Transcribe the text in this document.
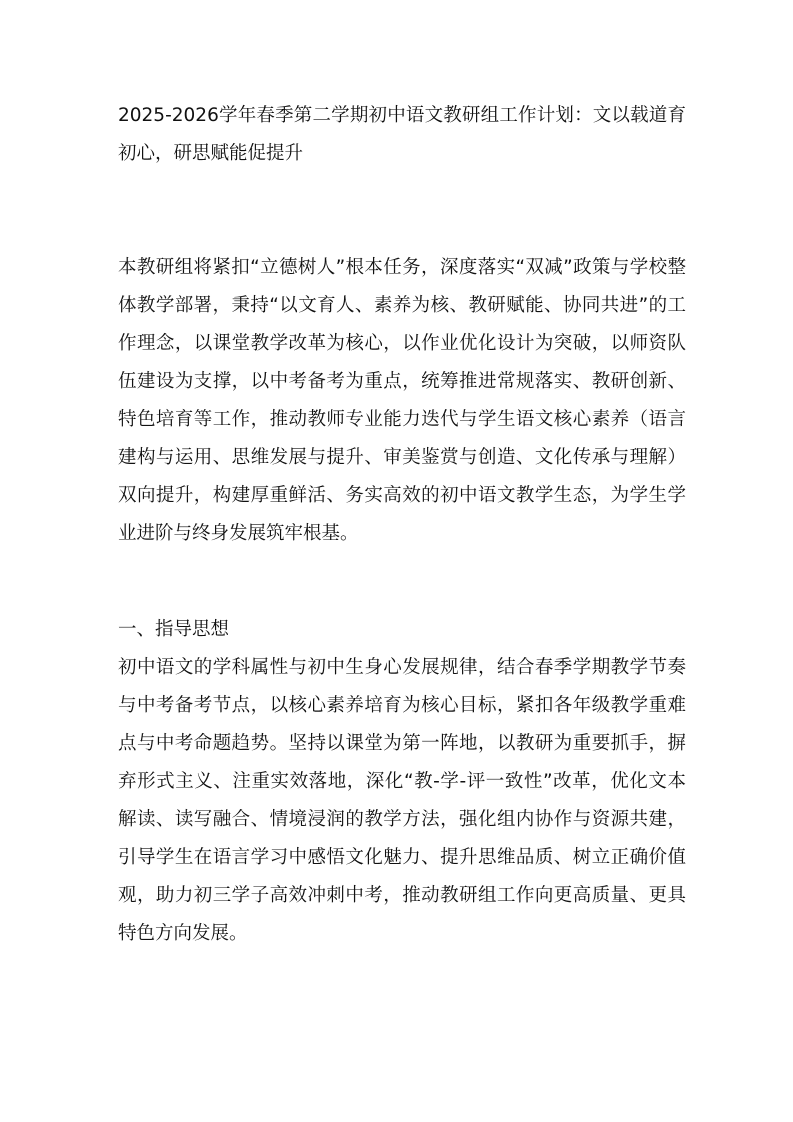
2025-2026学年春季第二学期初中语文教研组工作计划：文以载道育初心，研思赋能促提升

本教研组将紧扣“立德树人”根本任务，深度落实“双减”政策与学校整体教学部署，秉持“以文育人、素养为核、教研赋能、协同共进”的工作理念，以课堂教学改革为核心，以作业优化设计为突破，以师资队伍建设为支撑，以中考备考为重点，统筹推进常规落实、教研创新、特色培育等工作，推动教师专业能力迭代与学生语文核心素养（语言建构与运用、思维发展与提升、审美鉴赏与创造、文化传承与理解）双向提升，构建厚重鲜活、务实高效的初中语文教学生态，为学生学业进阶与终身发展筑牢根基。

一、指导思想

初中语文的学科属性与初中生身心发展规律，结合春季学期教学节奏与中考备考节点，以核心素养培育为核心目标，紧扣各年级教学重难点与中考命题趋势。坚持以课堂为第一阵地，以教研为重要抓手，摒弃形式主义、注重实效落地，深化“教-学-评一致性”改革，优化文本解读、读写融合、情境浸润的教学方法，强化组内协作与资源共建，引导学生在语言学习中感悟文化魅力、提升思维品质、树立正确价值观，助力初三学子高效冲刺中考，推动教研组工作向更高质量、更具特色方向发展。
